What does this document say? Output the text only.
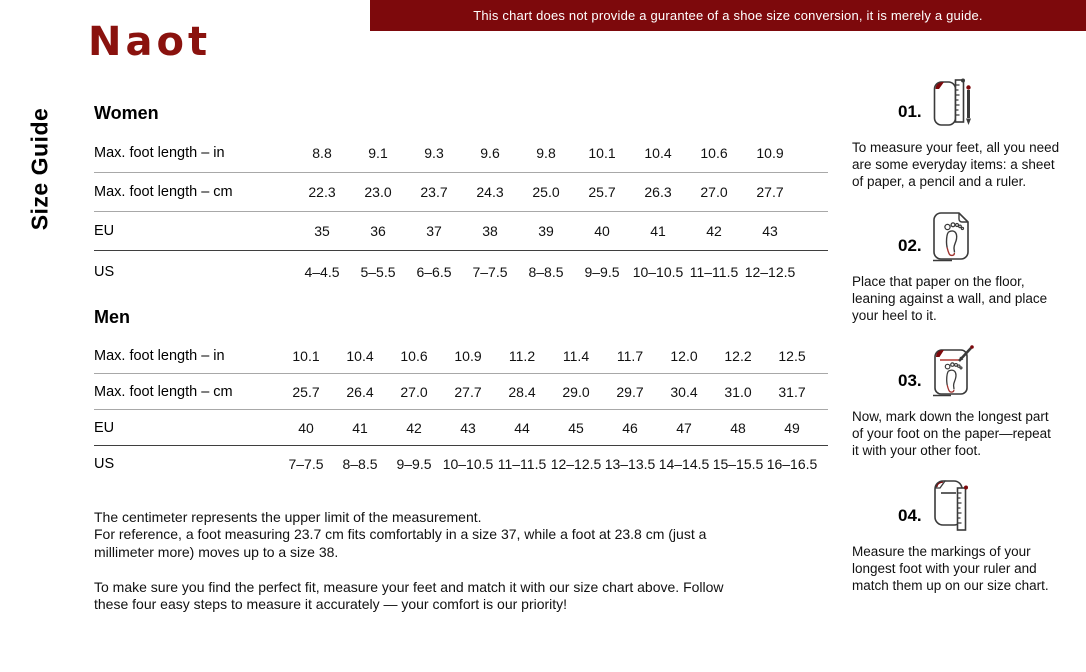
This chart does not provide a gurantee of a shoe size conversion, it is merely a guide.
Naot
Size Guide Women
Max. foot length – in	8.8	9.1	9.3	9.6	9.8	10.1	10.4	10.6	10.9
Max. foot length – cm	22.3	23.0	23.7	24.3	25.0	25.7	26.3	27.0	27.7
EU	35	36	37	38	39	40	41	42	43
US	4–4.5	5–5.5	6–6.5	7–7.5	8–8.5	9–9.5 10–10.5 11–11.5 12–12.5
Men
Max. foot length – in	10.1	10.4	10.6	10.9	11.2	11.4	11.7	12.0	12.2	12.5
Max. foot length – cm	25.7	26.4	27.0	27.7	28.4	29.0	29.7	30.4	31.0	31.7
EU	40	41	42	43	44	45	46	47	48	49
US	7–7.5	8–8.5	9–9.5 10–10.5 11–11.5 12–12.5 13–13.5 14–14.5 15–15.5 16–16.5
The centimeter represents the upper limit of the measurement.
For reference, a foot measuring 23.7 cm fits comfortably in a size 37, while a foot at 23.8 cm (just a
millimeter more) moves up to a size 38.
To make sure you find the perfect fit, measure your feet and match it with our size chart above. Follow
these four easy steps to measure it accurately — your comfort is our priority!
01.
To measure your feet, all you need
are some everyday items: a sheet
of paper, a pencil and a ruler.
02.
Place that paper on the floor,
leaning against a wall, and place
your heel to it.
03.
Now, mark down the longest part
of your foot on the paper—repeat
it with your other foot.
04.
Measure the markings of your
longest foot with your ruler and
match them up on our size chart.
